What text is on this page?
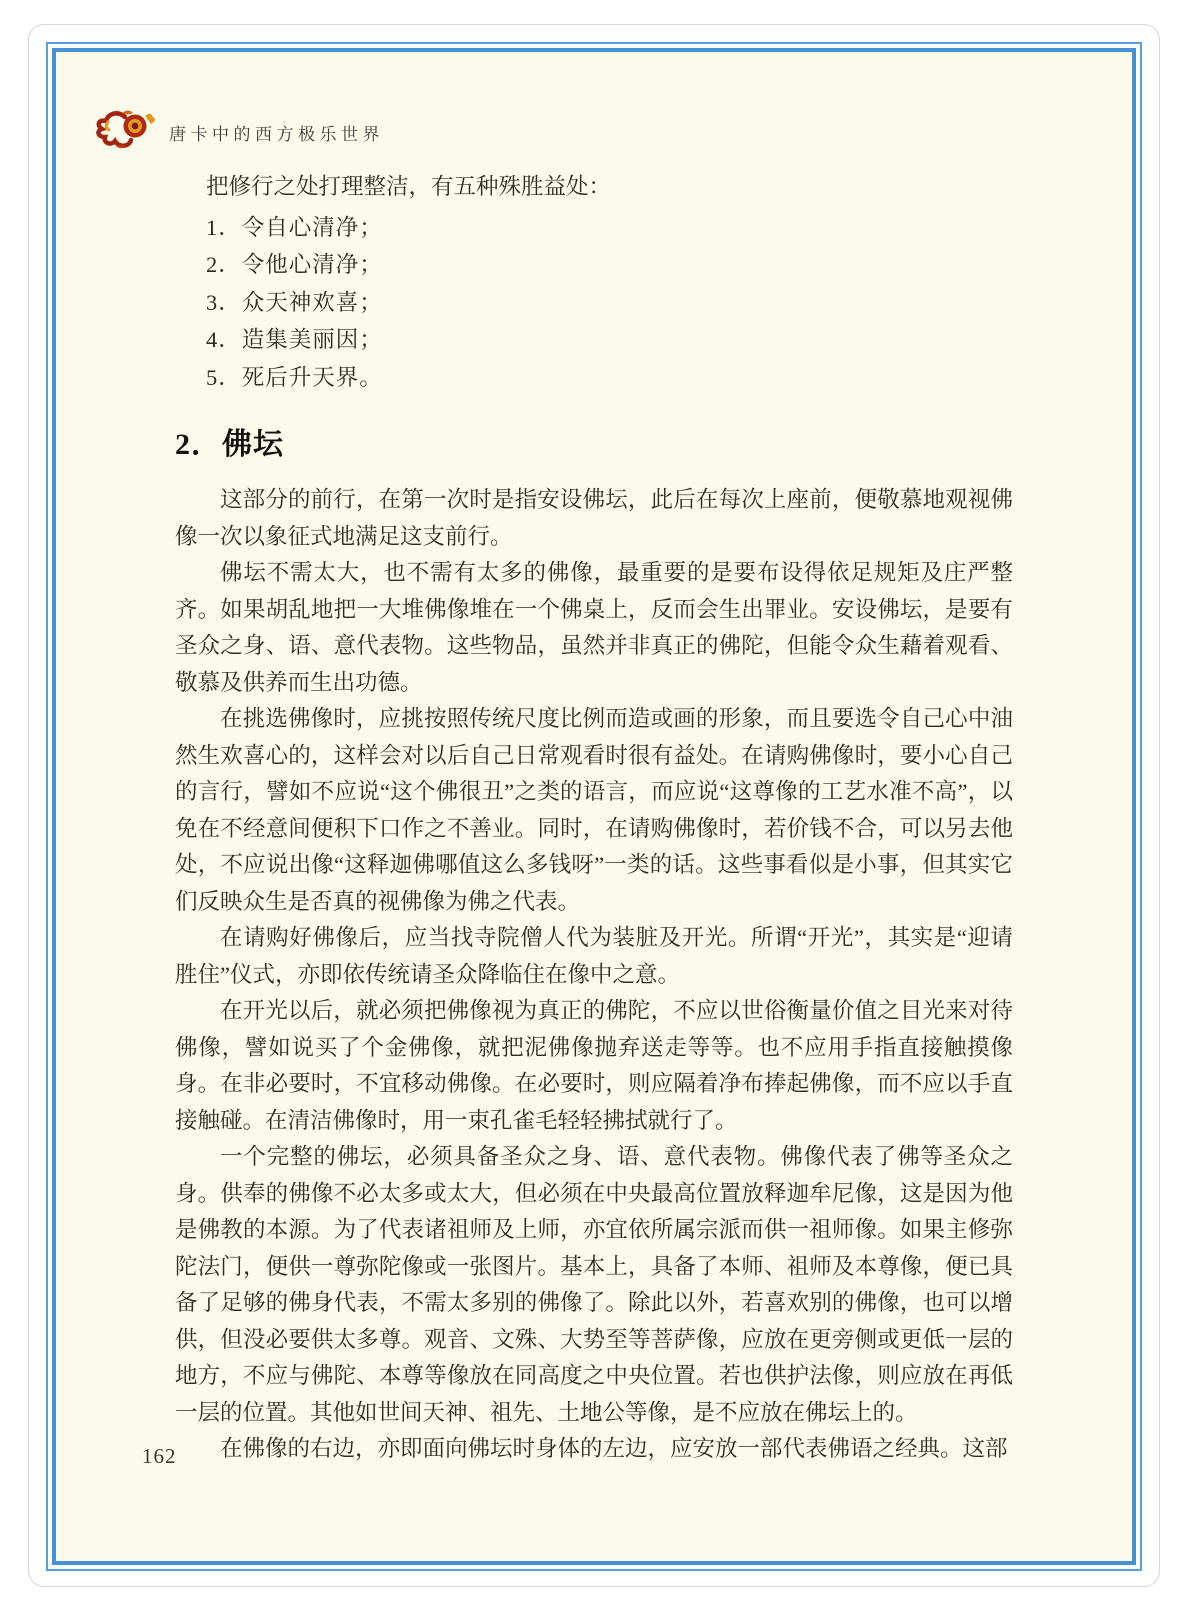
唐卡中的西方极乐世界

把修行之处打理整洁，有五种殊胜益处：

1．令自心清净；
2．令他心清净；
3．众天神欢喜；
4．造集美丽因；
5．死后升天界。
2．佛坛

这部分的前行，在第一次时是指安设佛坛，此后在每次上座前，便敬慕地观视佛像一次以象征式地满足这支前行。

佛坛不需太大，也不需有太多的佛像，最重要的是要布设得依足规矩及庄严整齐。如果胡乱地把一大堆佛像堆在一个佛桌上，反而会生出罪业。安设佛坛，是要有圣众之身、语、意代表物。这些物品，虽然并非真正的佛陀，但能令众生藉着观看、敬慕及供养而生出功德。

在挑选佛像时，应挑按照传统尺度比例而造或画的形象，而且要选令自己心中油然生欢喜心的，这样会对以后自己日常观看时很有益处。在请购佛像时，要小心自己的言行，譬如不应说“这个佛很丑”之类的语言，而应说“这尊像的工艺水准不高”，以免在不经意间便积下口作之不善业。同时，在请购佛像时，若价钱不合，可以另去他处，不应说出像“这释迦佛哪值这么多钱呀”一类的话。这些事看似是小事，但其实它们反映众生是否真的视佛像为佛之代表。

在请购好佛像后，应当找寺院僧人代为装脏及开光。所谓“开光”，其实是“迎请胜住”仪式，亦即依传统请圣众降临住在像中之意。

在开光以后，就必须把佛像视为真正的佛陀，不应以世俗衡量价值之目光来对待佛像，譬如说买了个金佛像，就把泥佛像抛弃送走等等。也不应用手指直接触摸像身。在非必要时，不宜移动佛像。在必要时，则应隔着净布捧起佛像，而不应以手直接触碰。在清洁佛像时，用一束孔雀毛轻轻拂拭就行了。

一个完整的佛坛，必须具备圣众之身、语、意代表物。佛像代表了佛等圣众之身。供奉的佛像不必太多或太大，但必须在中央最高位置放释迦牟尼像，这是因为他是佛教的本源。为了代表诸祖师及上师，亦宜依所属宗派而供一祖师像。如果主修弥陀法门，便供一尊弥陀像或一张图片。基本上，具备了本师、祖师及本尊像，便已具备了足够的佛身代表，不需太多别的佛像了。除此以外，若喜欢别的佛像，也可以增供，但没必要供太多尊。观音、文殊、大势至等菩萨像，应放在更旁侧或更低一层的地方，不应与佛陀、本尊等像放在同高度之中央位置。若也供护法像，则应放在再低一层的位置。其他如世间天神、祖先、土地公等像，是不应放在佛坛上的。

在佛像的右边，亦即面向佛坛时身体的左边，应安放一部代表佛语之经典。这部

162
